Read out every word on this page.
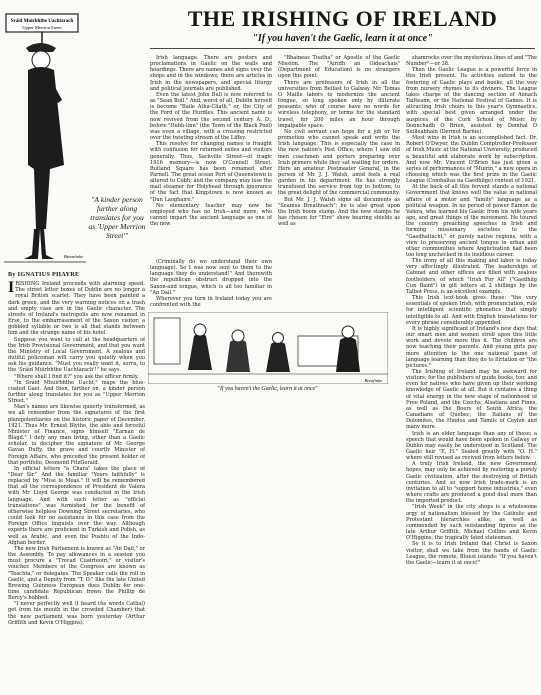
THE IRISHING OF IRELAND
"If you haven't the Gaelic, learn it at once"
Sráid Muirbhthe Uachtarach
Upper Merrion Street
Brenstinhe
"A kinder person further along translates for you as 'Upper Merrion Street'"

By IGNATIUS PHAYRE

IRISHING Ireland proceeds with alarming speed. The street letter boxes of Dublin are no longer a royal British scarlet. They have been painted a dark green, and the very warning notices on a trash and empty case are in the Gaelic character. The streets of Ireland's metropolis are now renamed in Erse, to the embarrassment of the Saxon visitor; a gobbled syllable or two is all that stands between him and the strange name of his hotel.

Suppose you want to call at the headquarters of the Irish Provisional Government, and that you want the Ministry of Local Government. A zealous and dutiful policeman will carry you quietly when you ask his guidance. "Must you really want it, sorra, to the 'Sráid Muirbhthe Uachtarach'!" he says.

"Where shall I find it?" you ask the officer firmly.

"In Sráid Mhuirbhthe Uacht," maps the blue-coated Gael. And then, farther on, a kinder person further along translates for you as "Upper Merrion Street."

Man's names are likewise queerly transformed, as we all remember from the signatures of the first plenipotentiaries on the historic paper of December, 1921. Thus Mr. Ernest Blythe, the able and forceful Minister of Finance, signs himself "Earnan de Blagd." I defy any man living, other than a Gaelic scholar, to decipher the signature of Mr. George Gavan Duffy, the grave and courtly Minister of Foreign Affairs, who preceded the present holder of that portfolio, Desmond FitzGerald.

In official letters "a Chara" takes the place of "Dear Sir." And the familiar "Yours faithfully" is replaced by "Mise le Meas." It will be remembered that all the correspondence of President de Valera with Mr. Lloyd George was conducted in the Irish language. And with such letter as "official translations" was furnished for the benefit of otherwise helpless Downing Street secretaries, who could look for no assistance in this case from the Foreign Office linguists over the way. Although experts there are proficient in Turkish and Polish, as well as Arabic, and even the Pushtu of the Indo-Afghan border.

The new Irish Parliament is known as "An Dail," or the Assembly. To pay allowances in a session you must procure a "Trocad Cuairteoiri," or visitor's voucher. Members of the Congress are known as "Teachta," or delegates. The Speaker calls the roll in Gaelic, and a Deputy from "T. D." like the late United Brewing Guinness European does Dublin for one-time candidate Republican frown the Phillip de Bercy's bobbed.

"I never perfectly well (I heard the words Cathal) get from his mouth in the crowded Chamber) that the new parliament was born yesterday (Arthur Griffith and Kevin O'Higgins).

Irish language. There are posters and proclamations in Gaelic on the walls and hoardings. There are names and signs over the shops and in the windows; there are articles in Irish in the newspapers, and special liturgy and political journals are published.

Even the latest John Bull is now referred to as "Sean Bull." And, worst of all, Dublin herself is become "Baile Atha-Cliath," or, the City of the Ford of the Hurdles. This ancient name is now revived from the second century A. D., before "Dubh-linn" (the Town of the Black Pool) was even a village, with a crossing restricted over the twisting stream of the Liffey.

This resolve for changing names is fraught with confusion for returned exiles and visitors generally. Thus, Sackville Street—of tragic 1916 memory—is now O'Connell Street. Rutland Square has been renamed after Parnell. The great ocean Port of Queenstown is altered to Cobh; and the company may lose the mail steamer for Holyhead through ignorance of the fact that Kingstown is now known as "Dun Laoghaire."

No elementary teacher may now be employed who has no Irish—and more, who cannot impart the ancient language as one of the new

(Criminally do we understand their own language). So I was now sent to them to the language they do understand!" And therewith the republican obstruct dropped into the Saxon-and tongue, which is all too familiar in "An Dail."

Wherever you turn in Ireland today you are confronted with the

"Bhaineas Tuatha" or Apostle of the Gaelic Mission. The "Airidh an Oideachais" (Department of Education) is no strangers upon this point.

There are professors of Irish in all the universities from Belfast to Galway. Mr. Tomas O Maille labors to modernize the ancient tongue, so long spoken only by illiterate peasants, who of course have no words for wireless telephony, or terms for the standard travel, for 200 miles an hour through impalpable space.

No civil servant can hope for a job or for promotion who cannot speak and write the Irish language. This is especially the case in the new nation's Post Office, where I saw old men coachmen and porters preparing over Irish primers while they sat waiting for orders. Here an amateur Postmaster General, in the person of Mr. J. J. Walsh, amid feels a real garden in his department. He has strongly transfused the service from top to bottom, to the great delight of the commercial community.

But Mr. J. J. Walsh signs all documents as "Seamus Breathnach": he is also great upon the Irish boom stamp. And the new stamps he has chosen for "Eire" show bearing shields as well as

shamrocks over the mysterious lines of and "The Number"—or 38.

Then the Gaelic League is a powerful force in this Irish present. Its activities extend to the fostering of Gaelic plays and books, all the way from nursery rhymes to its diviners. The League takes charge of the dancing section of Aonach Tailteann, or the National Festival of Games. It is attracting Irish choirs to this year's Gymnastics, with special best given arranged under the auspices of the Cork School of Music by Donnchadh O Brien, assisted by Domhal O Suilleabhain (Dermot Barnie).

Most wins in Irish is an accomplished fact. Dr. Robert O'Dwyer, the Dublin Comptroller-Professor of Irish Music at the National University, produced a beautiful and elaborate work by subscription. And now Mr. Vincent O'Brien has just given a series of performances of "Muirin," a new opera in choosing which was the first prize in the Gaelic League (Comhaltas na Gaedhilge) contest of 1921.

At the back of all this fervent stands a national Government that knows well the value in national affairs of a motor and "family" language as a political weapon. In no period of power Eamon de Valera, who learned his Gaelic from his wife years ago, and great things of the movement. He toured the country preaching speeches in Irish and forming missionary societies to the "Gaedhaltacht," or purely native regions, with a view to preserving ancient tongue in urban and other communities where Anglicization had been too long unchecked in its insidious career.

The irony of all this making and labor is today very affectingly illustrated. The leaderships of Cabinet and other offices are filled with zealous footholders, of which "Irish For All" ("Gaedhilg Cun Baint") in gilt letters at 2 shillings by the Talbot Press, is an excellent example.

This Irish text-book gives these: "the very essentials of spoken Irish, with pronunciation, rule for intelligent scientific phonetics that simply intelligible to all. And with English translations for every phrase considerably appended.

It is highly significant of Ireland's new days that our smart men and women stroll upon this little work and devote more this it. The children are now teaching their parents. And young girls pay more attention to the one national game of language learning than they do to flirtation or "the pictures."

The Irishing of Ireland may be awkward for visitors; for the publishers of guide books, too; and even for natives who have given up their working knowledge of Gaelic at all. But it contains a thing of vital energy in the new stage of nationhood of Free Poland, and the Czechs, Alsatians and Finns, as well as the Boers of South Africa, the Canadians of Quebec, the Italians of the Dolomites, the Hindus and Tamils of Ceylon and many more.

Irish is an older language than any of these; a speech that would have been spoken in Galway or Dublin may easily be understood in Scotland. The Gaelic heir "E, H." Sealed greatly with "O. H." where still revised as revived from letters below.

A truly Irish Ireland, the new Government hopes, may only be achieved by restoring a purely Gaelic civilization, after the destroying of British centuries. And so now Irish trade-mark is an invitation to all to "support home industries," even where crafts are produced a good deal more than the imported product.

"Irish Week" in the city shops is a wholesome orgy of nationalism blessed by the Catholic and Protestant hierarchies alike, as well as commended by such outstanding figures as the late Arthur Griffith, Michael Collins and Kevin O'Higgins, the tragically fated statesman.

So it is to Irish Ireland that Christ is Saxon visitor, shall we take from the hands of Gaelic League, the remote, Bluest islands: "If you haven't the Gaelic—learn it at once!"

Brenfinke
"If you haven't the Gaelic, learn it at once"
